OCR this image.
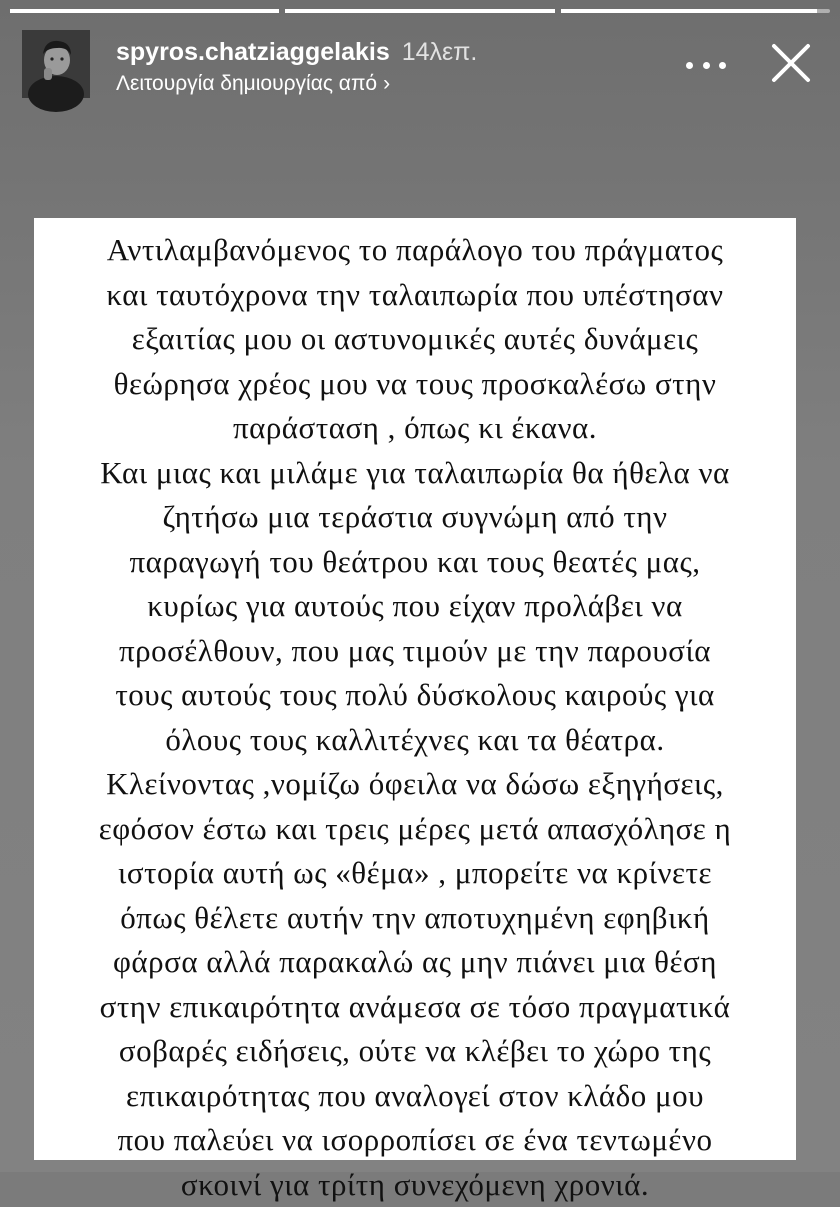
spyros.chatziaggelakis 14λεπ.
Λειτουργία δημιουργίας από ›
Αντιλαμβανόμενος το παράλογο του πράγματος
και ταυτόχρονα την ταλαιπωρία που υπέστησαν
εξαιτίας μου οι αστυνομικές αυτές δυνάμεις
θεώρησα χρέος μου να τους προσκαλέσω στην
παράσταση , όπως κι έκανα.
Και μιας και μιλάμε για ταλαιπωρία θα ήθελα να
ζητήσω μια τεράστια συγνώμη από την
παραγωγή του θεάτρου και τους θεατές μας,
κυρίως για αυτούς που είχαν προλάβει να
προσέλθουν, που μας τιμούν με την παρουσία
τους αυτούς τους πολύ δύσκολους καιρούς για
όλους τους καλλιτέχνες και τα θέατρα.
Κλείνοντας ,νομίζω όφειλα να δώσω εξηγήσεις,
εφόσον έστω και τρεις μέρες μετά απασχόλησε η
ιστορία αυτή ως «θέμα» , μπορείτε να κρίνετε
όπως θέλετε αυτήν την αποτυχημένη εφηβική
φάρσα αλλά παρακαλώ ας μην πιάνει μια θέση
στην επικαιρότητα ανάμεσα σε τόσο πραγματικά
σοβαρές ειδήσεις, ούτε να κλέβει το χώρο της
επικαιρότητας που αναλογεί στον κλάδο μου
που παλεύει να ισορροπίσει σε ένα τεντωμένο
σκοινί για τρίτη συνεχόμενη χρονιά.
